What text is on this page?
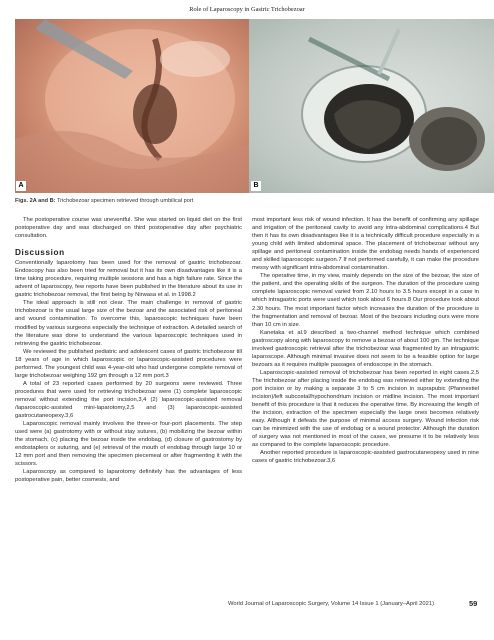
Role of Laparoscopy in Gastric Trichobezoar
A	B
Figs. 2A and B: Trichobezoar specimen retrieved through umbilical port

The postoperative course was uneventful. She was started on liquid diet on the first postoperative day and was discharged on third postoperative day after psychiatric consultation.

Discussion

Conventionally laparotomy has been used for the removal of gastric trichobezoar. Endoscopy has also been tried for removal but it has its own disadvantages like it is a time taking procedure, requiring multiple sessions and has a high failure rate. Since the advent of laparoscopy, few reports have been published in the literature about its use in gastric trichobezoar removal, the first being by Nirwasa et al. in 1998.2

The ideal approach is still not clear. The main challenge in removal of gastric trichobezoar is the usual large size of the bezoar and the associated risk of peritoneal and wound contamination. To overcome this, laparoscopic techniques have been modified by various surgeons especially the technique of extraction. A detailed search of the literature was done to understand the various laparoscopic techniques used in retrieving the gastric trichobezoar.

We reviewed the published pediatric and adolescent cases of gastric trichobezoar till 18 years of age in which laparoscopic or laparoscopic-assisted procedures were performed. The youngest child was 4-year-old who had undergone complete removal of large trichobezoar weighing 192 gm through a 12 mm port.3

A total of 23 reported cases performed by 20 surgeons were reviewed. Three procedures that were used for retrieving trichobezoar were (1) complete laparoscopic removal without extending the port incision,3,4 (2) laparoscopic-assisted removal /laparoscopic-assisted mini-laparotomy,2,5 and (3) laparoscopic-assisted gastrocutaneopexy.3,6

Laparoscopic removal mainly involves the three-or four-port placements. The step used were (a) gastrotomy with or without stay sutures, (b) mobilizing the bezoar within the stomach, (c) placing the bezoar inside the endobag, (d) closure of gastrostomy by endostaplers or suturing, and (e) retrieval of the mouth of endobag through large 10 or 12 mm port and then removing the specimen piecemeal or after fragmenting it with the scissors.

Laparoscopy as compared to laparotomy definitely has the advantages of less postoperative pain, better cosmesis, and

most important less risk of wound infection. It has the benefit of confirming any spillage and irrigation of the peritoneal cavity to avoid any intra-abdominal complications.4 But then it has its own disadvantages like it is a technically difficult procedure especially in a young child with limited abdominal space. The placement of trichobezoar without any spillage and peritoneal contamination inside the endobag needs hands of experienced and skilled laparoscopic surgeon.7 If not performed carefully, it can make the procedure messy with significant intra-abdominal contamination.

The operative time, in my view, mainly depends on the size of the bezoar, the size of the patient, and the operating skills of the surgeon. The duration of the procedure using complete laparoscopic removal varied from 2.10 hours to 3.5 hours except in a case in which intragastric ports were used which took about 6 hours.8 Our procedure took about 2.30 hours. The most important factor which increases the duration of the procedure is the fragmentation and removal of bezoar. Most of the bezoars including ours were more than 10 cm in size.

Kanetaka et al.9 described a two-channel method technique which combined gastroscopy along with laparoscopy to remove a bezoar of about 100 gm. The technique involved gastroscopic retrieval after the trichobezoar was fragmented by an intragastric laparoscope. Although minimal invasive does not seem to be a feasible option for large bezoars as it requires multiple passages of endoscope in the stomach.

Laparoscopic-assisted removal of trichobezoar has been reported in eight cases.2,5 The trichobezoar after placing inside the endobag was retrieved either by extending the port incision or by making a separate 3 to 5 cm incision in suprapubic (Pfannestiel incision)/left subcostal/hypochondrium incision or midline incision. The most important benefit of this procedure is that it reduces the operative time. By increasing the length of the incision, extraction of the specimen especially the large ones becomes relatively easy. Although it defeats the purpose of minimal access surgery. Wound infection risk can be minimized with the use of endobag or a wound protector. Although the duration of surgery was not mentioned in most of the cases, we presume it to be relatively less as compared to the complete laparoscopic procedure.

Another reported procedure is laparoscopic-assisted gastrocutaneopexy used in nine cases of gastric trichobezoar.3,6

World Journal of Laparoscopic Surgery, Volume 14 Issue 1 (January–April 2021)	59
